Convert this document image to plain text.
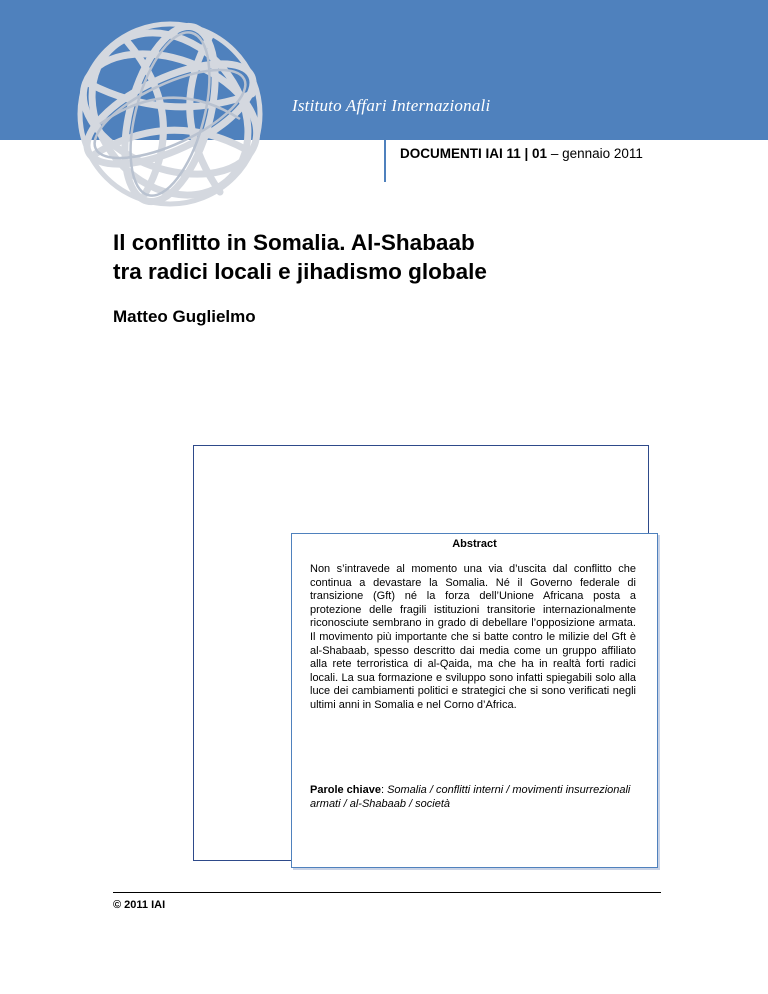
Istituto Affari Internazionali
DOCUMENTI IAI 11 | 01 – gennaio 2011
Il conflitto in Somalia. Al-Shabaab
tra radici locali e jihadismo globale
Matteo Guglielmo
Abstract

Non s’intravede al momento una via d’uscita dal conflitto che continua a devastare la Somalia. Né il Governo federale di transizione (Gft) né la forza dell’Unione Africana posta a protezione delle fragili istituzioni transitorie internazionalmente riconosciute sembrano in grado di debellare l’opposizione armata. Il movimento più importante che si batte contro le milizie del Gft è al-Shabaab, spesso descritto dai media come un gruppo affiliato alla rete terroristica di al-Qaida, ma che ha in realtà forti radici locali. La sua formazione e sviluppo sono infatti spiegabili solo alla luce dei cambiamenti politici e strategici che si sono verificati negli ultimi anni in Somalia e nel Corno d’Africa.

Parole chiave: Somalia / conflitti interni / movimenti insurrezionali armati / al-Shabaab / società

© 2011 IAI
